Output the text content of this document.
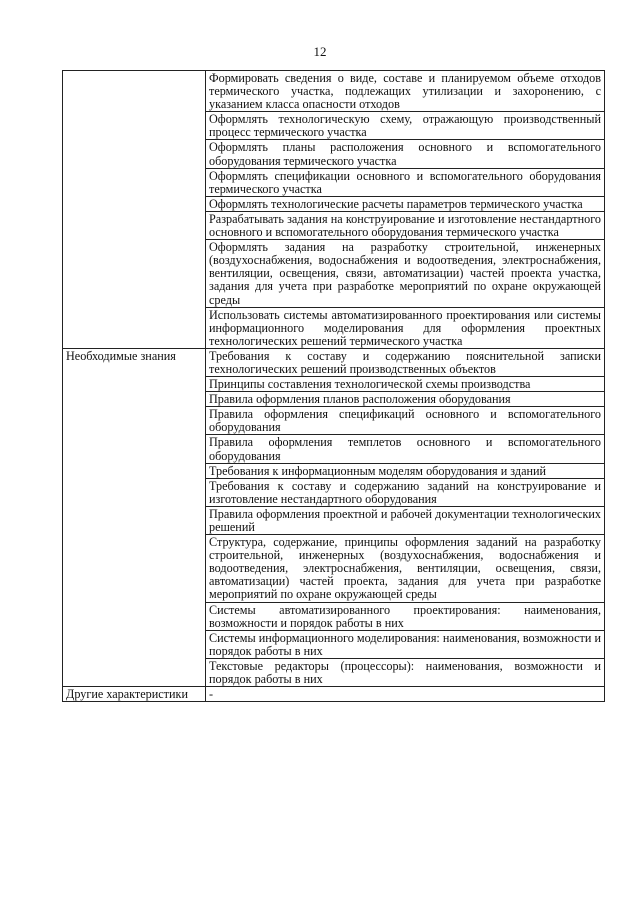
12
	Формировать сведения о виде, составе и планируемом объеме отходов термического участка, подлежащих утилизации и захоронению, с указанием класса опасности отходов
	Оформлять технологическую схему, отражающую производственный процесс термического участка
	Оформлять планы расположения основного и вспомогательного оборудования термического участка
	Оформлять спецификации основного и вспомогательного оборудования термического участка
	Оформлять технологические расчеты параметров термического участка
	Разрабатывать задания на конструирование и изготовление нестандартного основного и вспомогательного оборудования термического участка
	Оформлять задания на разработку строительной, инженерных (воздухоснабжения, водоснабжения и водоотведения, электроснабжения, вентиляции, освещения, связи, автоматизации) частей проекта участка, задания для учета при разработке мероприятий по охране окружающей среды
	Использовать системы автоматизированного проектирования или системы информационного моделирования для оформления проектных технологических решений термического участка
Необходимые знания	Требования к составу и содержанию пояснительной записки технологических решений производственных объектов
	Принципы составления технологической схемы производства
	Правила оформления планов расположения оборудования
	Правила оформления спецификаций основного и вспомогательного оборудования
	Правила оформления темплетов основного и вспомогательного оборудования
	Требования к информационным моделям оборудования и зданий
	Требования к составу и содержанию заданий на конструирование и изготовление нестандартного оборудования
	Правила оформления проектной и рабочей документации технологических решений
	Структура, содержание, принципы оформления заданий на разработку строительной, инженерных (воздухоснабжения, водоснабжения и водоотведения, электроснабжения, вентиляции, освещения, связи, автоматизации) частей проекта, задания для учета при разработке мероприятий по охране окружающей среды
	Системы автоматизированного проектирования: наименования, возможности и порядок работы в них
	Системы информационного моделирования: наименования, возможности и порядок работы в них
	Текстовые редакторы (процессоры): наименования, возможности и порядок работы в них
Другие характеристики	-
